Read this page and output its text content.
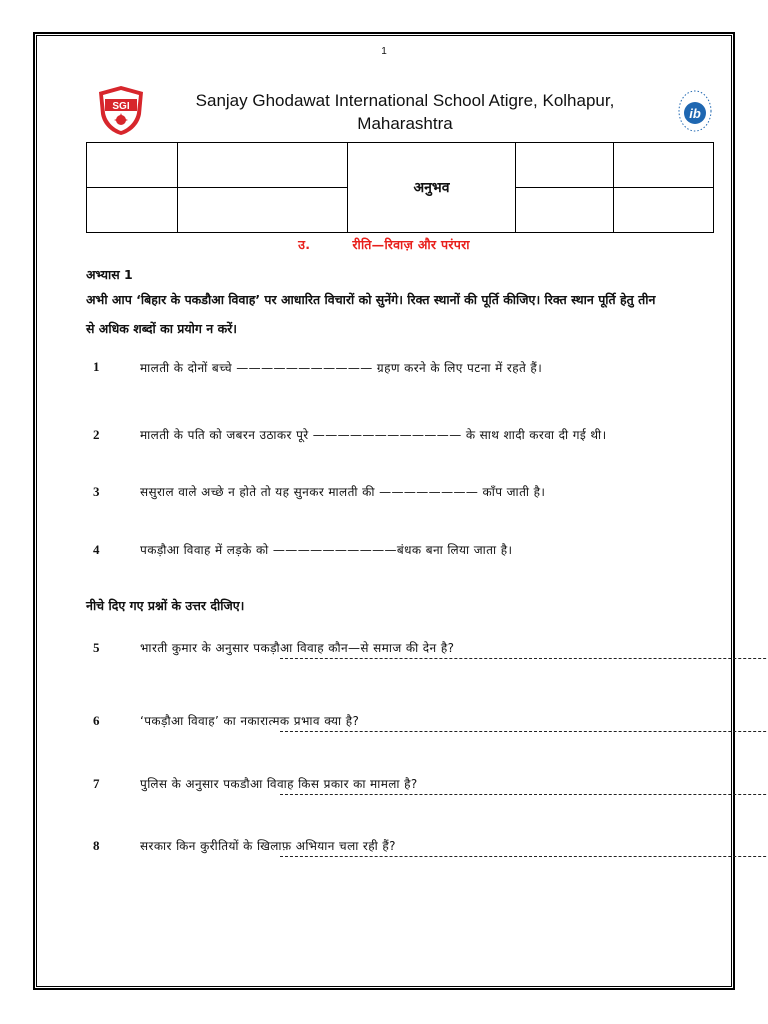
1
SGI	Sanjay Ghodawat International School Atigre, Kolhapur, Maharashtra
ib
		अनुभव		

उ.	रीति—रिवाज़ और परंपरा
अभ्यास 1
अभी आप ‘बिहार के पकडौआ विवाह’ पर आधारित विचारों को सुनेंगे। रिक्त स्थानों की पूर्ति कीजिए। रिक्त स्थान पूर्ति हेतु तीन से अधिक शब्दों का प्रयोग न करें।
1	मालती के दोनों बच्चे ——————————— ग्रहण करने के लिए पटना में रहते हैं।
2	मालती के पति को जबरन उठाकर पूरे ———————————— के साथ शादी करवा दी गई थी।
3	ससुराल वाले अच्छे न होते तो यह सुनकर मालती की ———————— काँप जाती है।
4	पकड़ौआ विवाह में लड़के को ——————————बंधक बना लिया जाता है।
नीचे दिए गए प्रश्नों के उत्तर दीजिए।
5	भारती कुमार के अनुसार पकड़ौआ विवाह कौन—से समाज की देन है?
6	‘पकड़ौआ विवाह’ का नकारात्मक प्रभाव क्या है?
7	पुलिस के अनुसार पकडौआ विवाह किस प्रकार का मामला है?
8	सरकार किन कुरीतियों के खिलाफ़ अभियान चला रही हैं?
